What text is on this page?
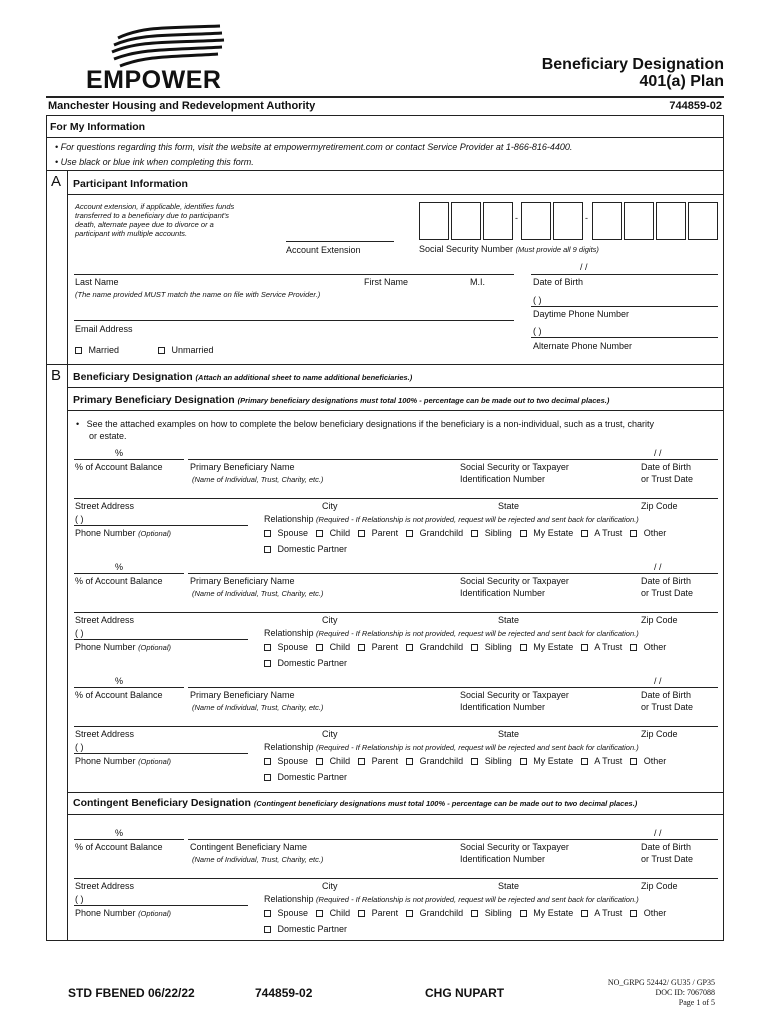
EMPOWER
Beneficiary Designation
401(a) Plan
Manchester Housing and Redevelopment Authority	744859-02
For My Information
• For questions regarding this form, visit the website at empowermyretirement.com or contact Service Provider at 1-866-816-4400.
• Use black or blue ink when completing this form.
A Participant Information
Account extension, if applicable, identifies funds
transferred to a beneficiary due to participant's
death, alternate payee due to divorce or a
participant with multiple accounts.
Account Extension
-	-
Social Security Number (Must provide all 9 digits)
/ /
Last Name	First Name	M.I.	Date of Birth
(The name provided MUST match the name on file with Service Provider.)
( )
Daytime Phone Number
Email Address	( )
Alternate Phone Number
Married	Unmarried
B Beneficiary Designation (Attach an additional sheet to name additional beneficiaries.)
Primary Beneficiary Designation (Primary beneficiary designations must total 100% - percentage can be made out to two decimal places.)
•   See the attached examples on how to complete the below beneficiary designations if the beneficiary is a non-individual, such as a trust, charity
or estate.
%	/ /
% of Account Balance	Primary Beneficiary Name
(Name of Individual, Trust, Charity, etc.)
Social Security or Taxpayer
Identification Number
Date of Birth
or Trust Date
Street Address	City	State	Zip Code
( )
Phone Number (Optional)
Relationship (Required - If Relationship is not provided, request will be rejected and sent back for clarification.)
Spouse Child Parent Grandchild Sibling My Estate A Trust Other
Domestic Partner
%	/ /
% of Account Balance	Primary Beneficiary Name
(Name of Individual, Trust, Charity, etc.)
Social Security or Taxpayer
Identification Number
Date of Birth
or Trust Date
Street Address	City	State	Zip Code
( )
Phone Number (Optional)
Relationship (Required - If Relationship is not provided, request will be rejected and sent back for clarification.)
Spouse Child Parent Grandchild Sibling My Estate A Trust Other
Domestic Partner
%	/ /
% of Account Balance	Primary Beneficiary Name
(Name of Individual, Trust, Charity, etc.)
Social Security or Taxpayer
Identification Number
Date of Birth
or Trust Date
Street Address	City	State	Zip Code
( )
Phone Number (Optional)
Relationship (Required - If Relationship is not provided, request will be rejected and sent back for clarification.)
Spouse Child Parent Grandchild Sibling My Estate A Trust Other
Domestic Partner
Contingent Beneficiary Designation (Contingent beneficiary designations must total 100% - percentage can be made out to two decimal places.)
%	/ /
% of Account Balance	Contingent Beneficiary Name
(Name of Individual, Trust, Charity, etc.)
Social Security or Taxpayer
Identification Number
Date of Birth
or Trust Date
Street Address	City	State	Zip Code
( )
Phone Number (Optional)
Relationship (Required - If Relationship is not provided, request will be rejected and sent back for clarification.)
Spouse Child Parent Grandchild Sibling My Estate A Trust Other
Domestic Partner
STD FBENED 06/22/22	744859-02	CHG NUPART
NO_GRPG 52442/ GU35 / GP35
DOC ID: 7067088
Page 1 of 5
